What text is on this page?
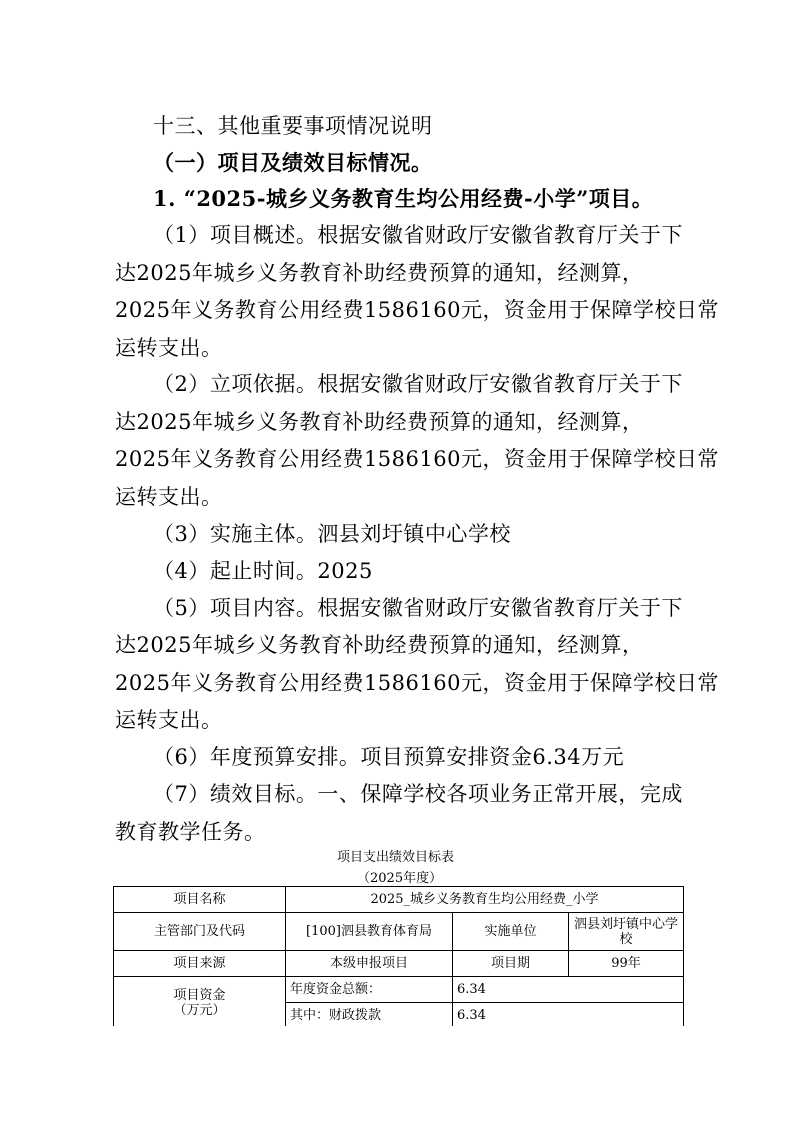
十三、其他重要事项情况说明
（一）项目及绩效目标情况。
1. “2025-城乡义务教育生均公用经费-小学”项目。
（1）项目概述。根据安徽省财政厅安徽省教育厅关于下
达2025年城乡义务教育补助经费预算的通知，经测算，
2025年义务教育公用经费1586160元，资金用于保障学校日常
运转支出。
（2）立项依据。根据安徽省财政厅安徽省教育厅关于下
达2025年城乡义务教育补助经费预算的通知，经测算，
2025年义务教育公用经费1586160元，资金用于保障学校日常
运转支出。
（3）实施主体。泗县刘圩镇中心学校
（4）起止时间。2025
（5）项目内容。根据安徽省财政厅安徽省教育厅关于下
达2025年城乡义务教育补助经费预算的通知，经测算，
2025年义务教育公用经费1586160元，资金用于保障学校日常
运转支出。
（6）年度预算安排。项目预算安排资金6.34万元
（7）绩效目标。一、保障学校各项业务正常开展，完成
教育教学任务。
项目支出绩效目标表
（2025年度）
项目名称	2025_城乡义务教育生均公用经费_小学		
主管部门及代码	[100]泗县教育体育局	实施单位	泗县刘圩镇中心学
校

项目来源	本级申报项目	项目期	99年

项目资金
（万元）	年度资金总额：	6.34	
	其中：财政拨款	6.34	
